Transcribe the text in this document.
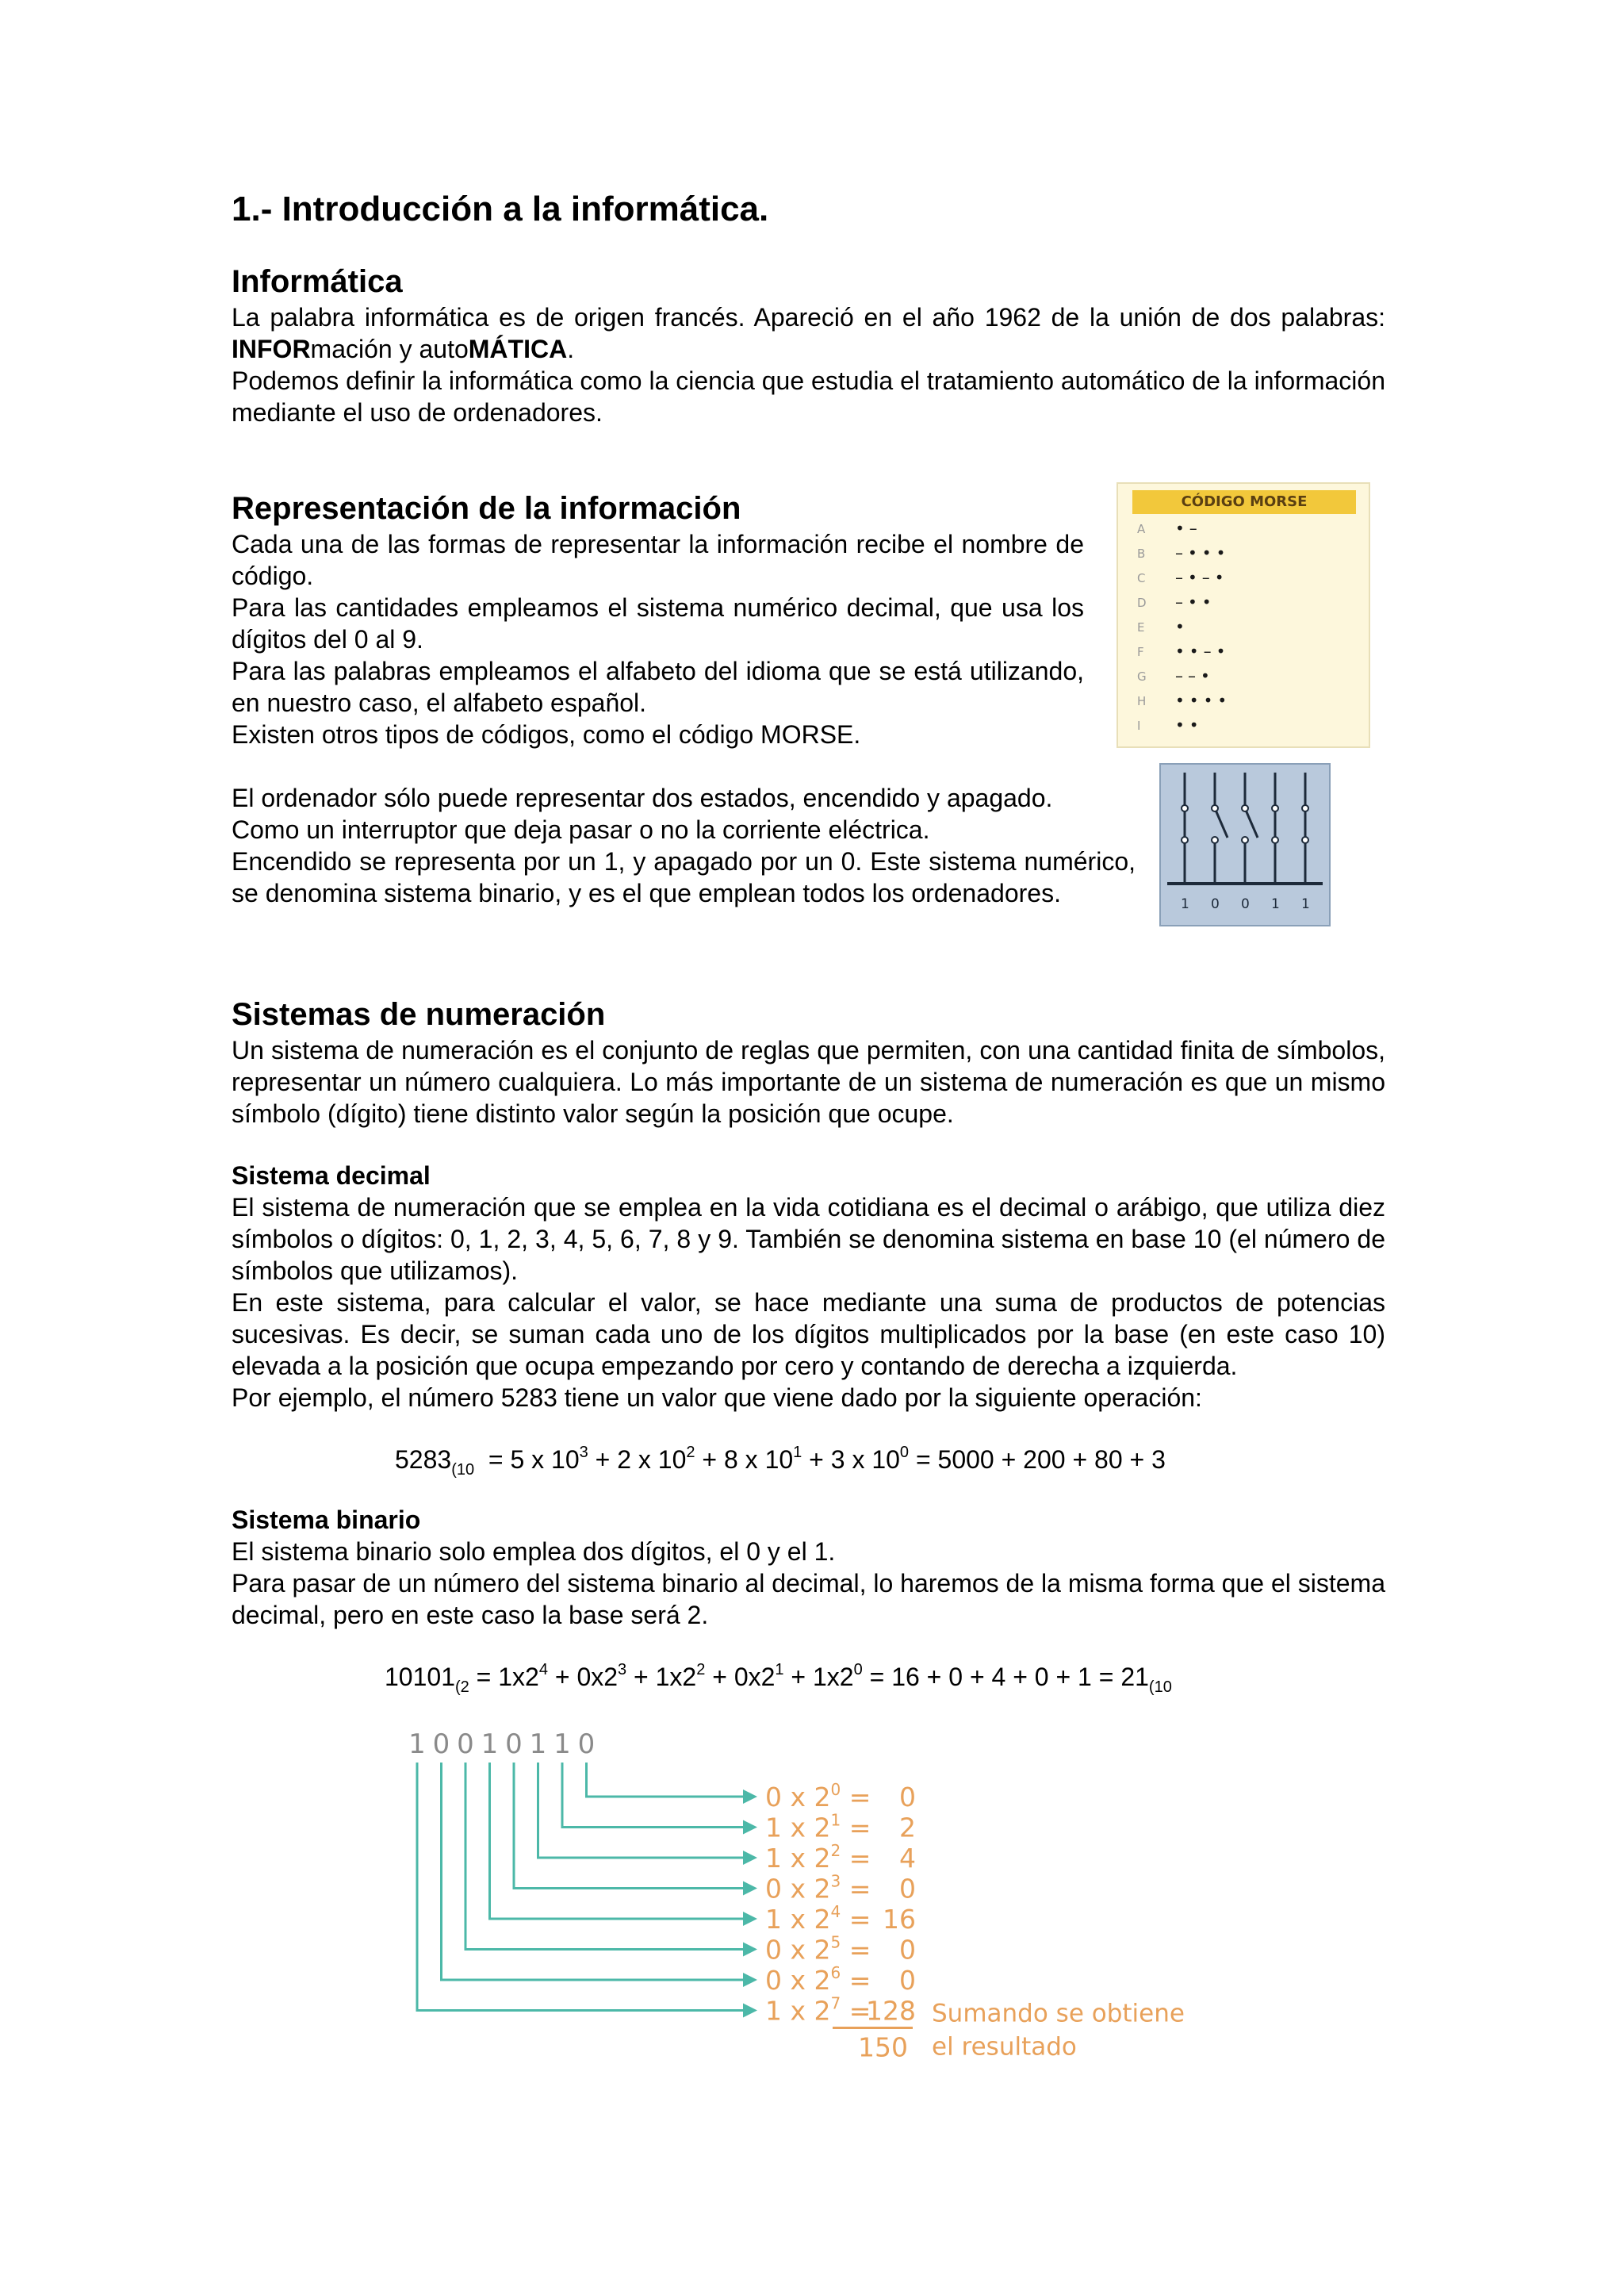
1.- Introducción a la informática.
Informática

La palabra informática es de origen francés. Apareció en el año 1962 de la unión de dos palabras: INFORmación y autoMÁTICA.

Podemos definir la informática como la ciencia que estudia el tratamiento automático de la información mediante el uso de ordenadores.

Representación de la información

Cada una de las formas de representar la información recibe el nombre de código.

Para las cantidades empleamos el sistema numérico decimal, que usa los dígitos del 0 al 9.

Para las palabras empleamos el alfabeto del idioma que se está utilizando, en nuestro caso, el alfabeto español.

Existen otros tipos de códigos, como el código MORSE.

El ordenador sólo puede representar dos estados, encendido y apagado.

Como un interruptor que deja pasar o no la corriente eléctrica.

Encendido se representa por un 1, y apagado por un 0. Este sistema numérico, se denomina sistema binario, y es el que emplean todos los ordenadores.

Sistemas de numeración

Un sistema de numeración es el conjunto de reglas que permiten, con una cantidad finita de símbolos, representar un número cualquiera. Lo más importante de un sistema de numeración es que un mismo símbolo (dígito) tiene distinto valor según la posición que ocupe.

Sistema decimal

El sistema de numeración que se emplea en la vida cotidiana es el decimal o arábigo, que utiliza diez símbolos o dígitos: 0, 1, 2, 3, 4, 5, 6, 7, 8 y 9. También se denomina sistema en base 10 (el número de símbolos que utilizamos).

En este sistema, para calcular el valor, se hace mediante una suma de productos de potencias sucesivas. Es decir, se suman cada uno de los dígitos multiplicados por la base (en este caso 10) elevada a la posición que ocupa empezando por cero y contando de derecha a izquierda.

Por ejemplo, el número 5283 tiene un valor que viene dado por la siguiente operación:

$5283_{(10} = 5$ x $10^3 + 2$ x $10^2 + 8$ x $10^1 + 3$ x $10^0 = 5000 + 200 + 80 + 3$
Sistema binario

El sistema binario solo emplea dos dígitos, el 0 y el 1.

Para pasar de un número del sistema binario al decimal, lo haremos de la misma forma que el sistema decimal, pero en este caso la base será 2.

$10101_{(2} = 1x2^4 + 0x2^3 + 1x2^2 + 0x2^1 + 1x2^0 = 16 + 0 + 4 + 0 + 1 = 21_{(10}$
CÓDIGO MORSE
A •–
B –•••
C –•–•
D –••
E •
F ••–•
G ––•
H ••••
I ••
1 0 0 1 1
1 0 0 1 0 1 1 0
0 x $2^0 = 0$
1 x $2^1 = 2$
1 x $2^2 = 4$
0 x $2^3 = 0$
1 x $2^4 = 16$
0 x $2^5 = 0$
0 x $2^6 = 0$
1 x $2^7$ =
128
150
Sumando se obtiene
el resultado
